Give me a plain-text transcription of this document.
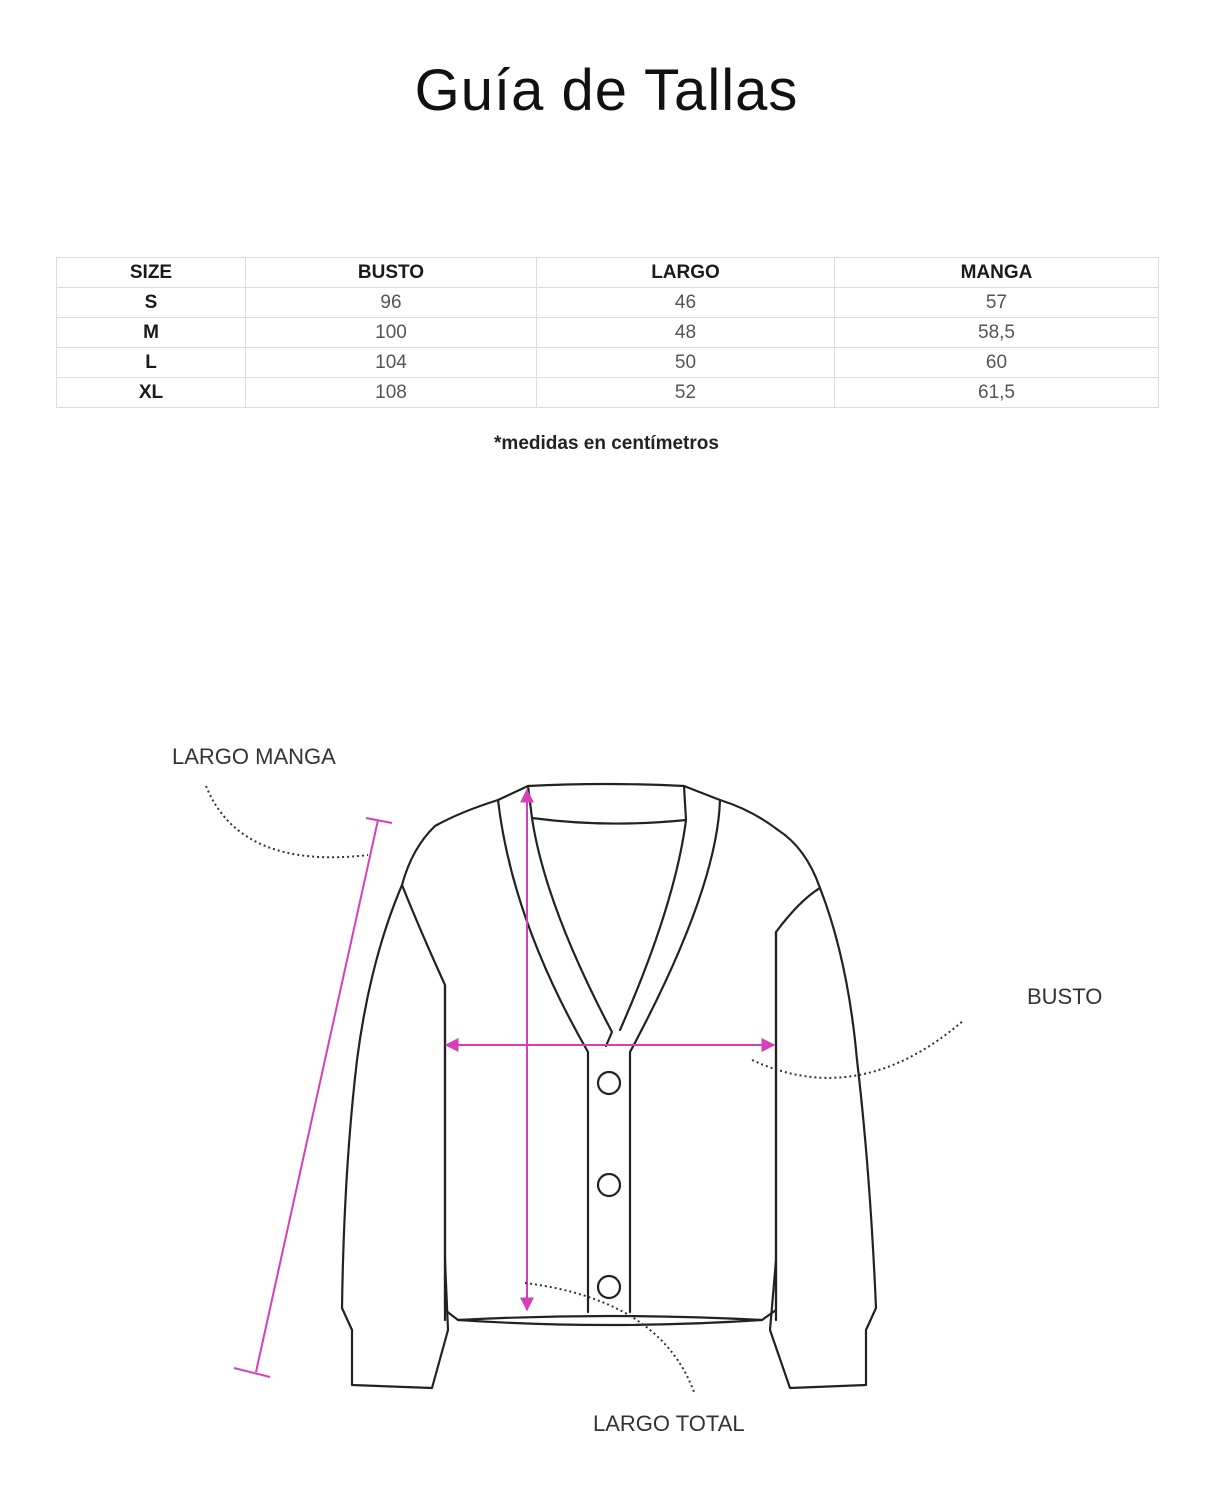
Guía de Tallas
SIZE	BUSTO	LARGO	MANGA
S	96	46	57
M	100	48	58,5
L	104	50	60
XL	108	52	61,5
*medidas en centímetros
LARGO MANGA
BUSTO
LARGO TOTAL
